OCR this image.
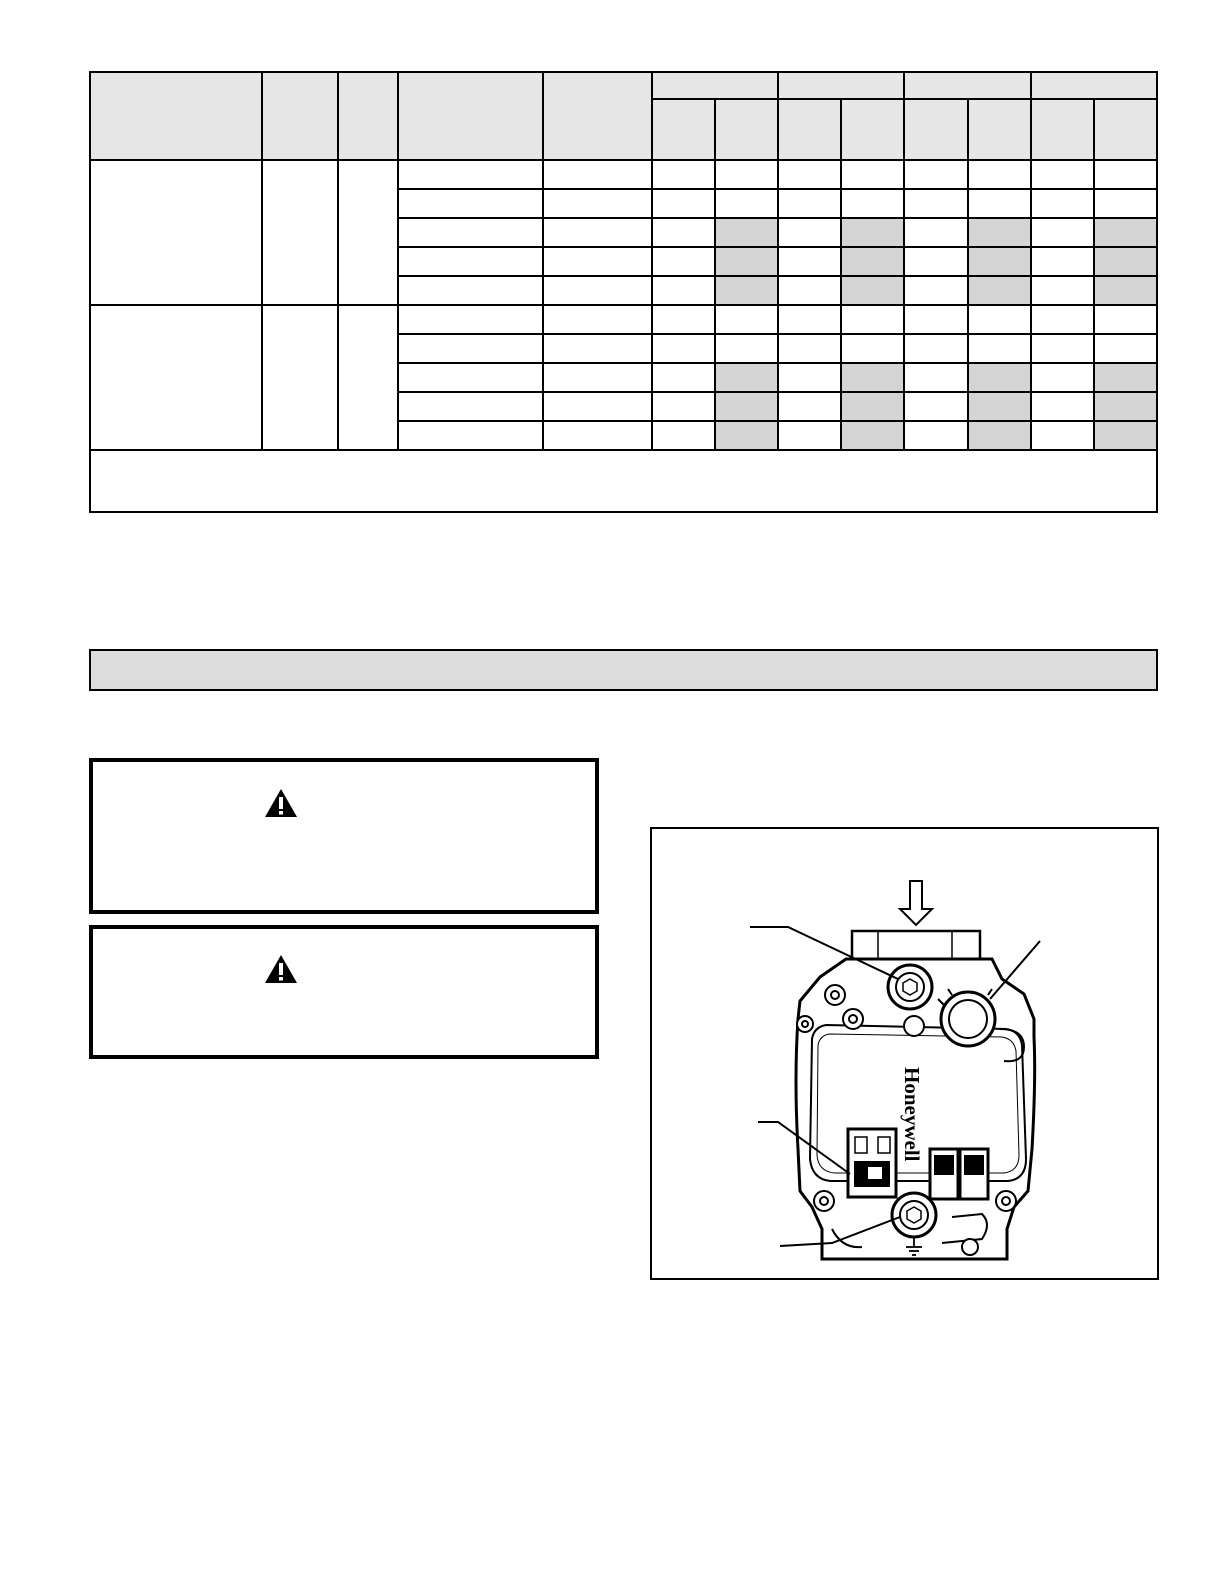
Honeywell
